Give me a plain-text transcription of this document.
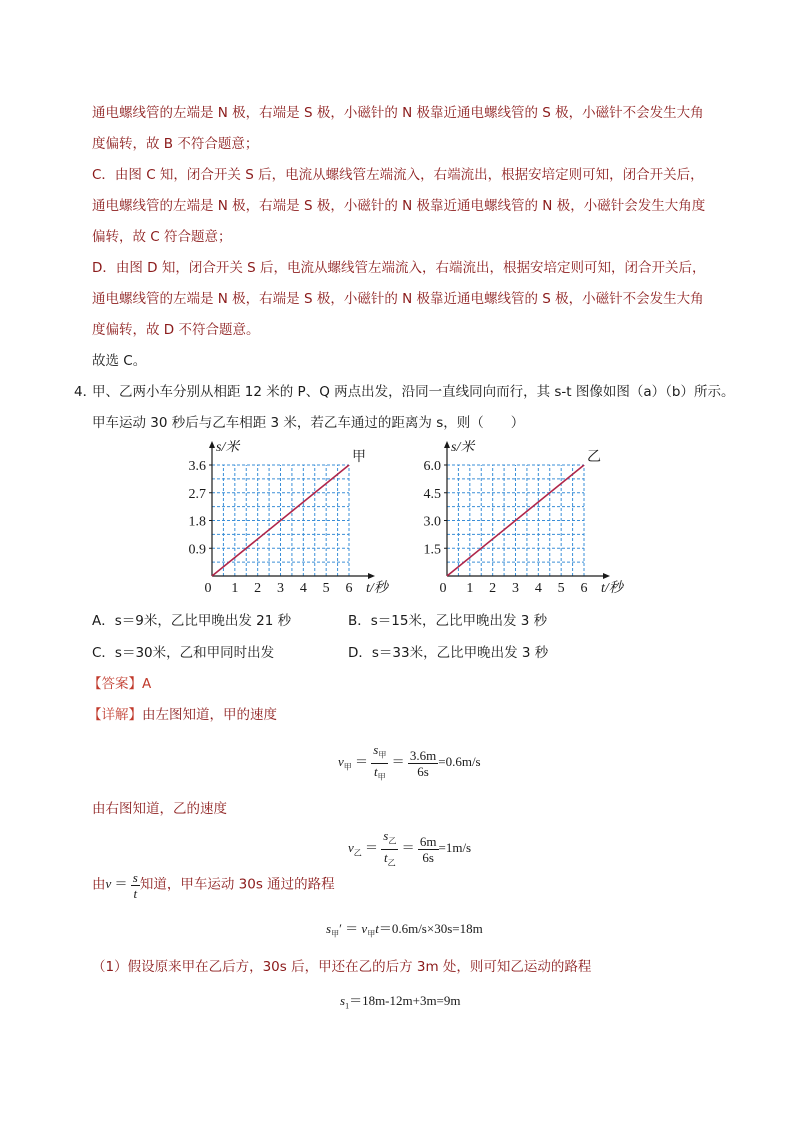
通电螺线管的左端是 N 极，右端是 S 极，小磁针的 N 极靠近通电螺线管的 S 极，小磁针不会发生大角
度偏转，故 B 不符合题意；
C．由图 C 知，闭合开关 S 后，电流从螺线管左端流入，右端流出，根据安培定则可知，闭合开关后，
通电螺线管的左端是 N 极，右端是 S 极，小磁针的 N 极靠近通电螺线管的 N 极，小磁针会发生大角度
偏转，故 C 符合题意；
D．由图 D 知，闭合开关 S 后，电流从螺线管左端流入，右端流出，根据安培定则可知，闭合开关后，
通电螺线管的左端是 N 极，右端是 S 极，小磁针的 N 极靠近通电螺线管的 S 极，小磁针不会发生大角
度偏转，故 D 不符合题意。
故选 C。
4．
甲、乙两小车分别从相距 12 米的 P、Q 两点出发，沿同一直线同向而行，其 s-t 图像如图（a）（b）所示。
甲车运动 30 秒后与乙车相距 3 米，若乙车通过的距离为 s，则（　　）
0 1 2 3 4 5 6
0.9
1.8
2.7
3.6
s/米
t/秒
甲
0 1 2 3 4 5 6
1.5
3.0
4.5
6.0
s/米
t/秒
乙
A．s＝9米，乙比甲晚出发 21 秒	B．s＝15米，乙比甲晚出发 3 秒
C．s＝30米，乙和甲同时出发	D．s＝33米，乙比甲晚出发 3 秒
【答案】A
【详解】由左图知道，甲的速度
$v_甲 = \frac{s_甲}{t_甲} = \frac{3.6m}{6s} =0.6m/s$
由右图知道，乙的速度
$v_乙 = \frac{s_乙}{t_乙} = \frac{6m}{6s} =1m/s$
由$v = \frac{s}{t}$ 知道，甲车运动 30s 通过的路程
$s_甲' = v_甲t=0.6m/s\times 30s=18m$
（1）假设原来甲在乙后方，30s 后，甲还在乙的后方 3m 处，则可知乙运动的路程
$s_1=18m-12m+3m=9m$
